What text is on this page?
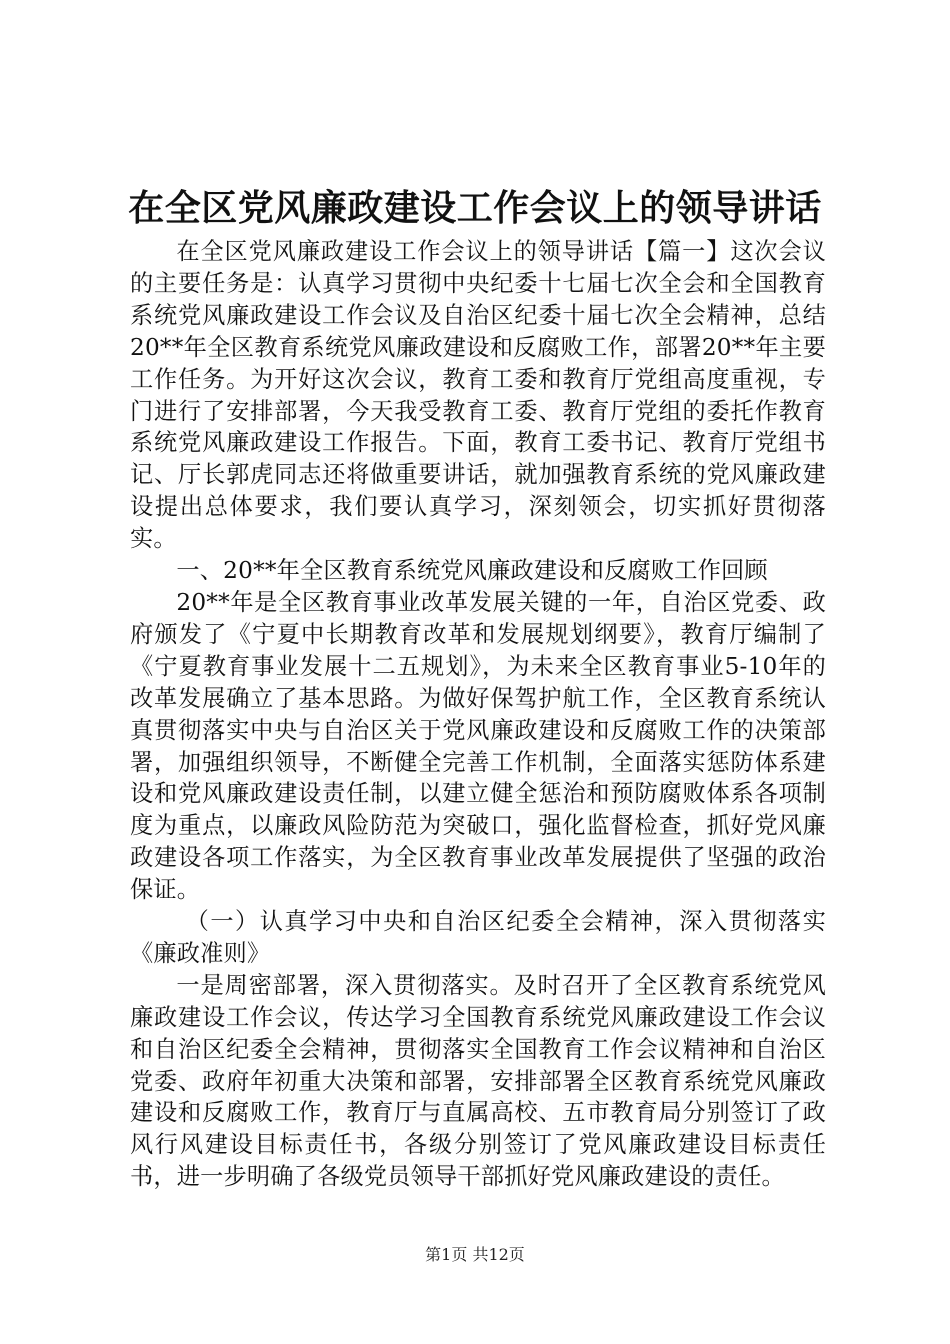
在全区党风廉政建设工作会议上的领导讲话

在全区党风廉政建设工作会议上的领导讲话【篇一】这次会议的主要任务是：认真学习贯彻中央纪委十七届七次全会和全国教育系统党风廉政建设工作会议及自治区纪委十届七次全会精神，总结20**年全区教育系统党风廉政建设和反腐败工作，部署20**年主要工作任务。为开好这次会议，教育工委和教育厅党组高度重视，专门进行了安排部署，今天我受教育工委、教育厅党组的委托作教育系统党风廉政建设工作报告。下面，教育工委书记、教育厅党组书记、厅长郭虎同志还将做重要讲话，就加强教育系统的党风廉政建设提出总体要求，我们要认真学习，深刻领会，切实抓好贯彻落实。

一、20**年全区教育系统党风廉政建设和反腐败工作回顾

20**年是全区教育事业改革发展关键的一年，自治区党委、政府颁发了《宁夏中长期教育改革和发展规划纲要》，教育厅编制了《宁夏教育事业发展十二五规划》，为未来全区教育事业5-10年的改革发展确立了基本思路。为做好保驾护航工作，全区教育系统认真贯彻落实中央与自治区关于党风廉政建设和反腐败工作的决策部署，加强组织领导，不断健全完善工作机制，全面落实惩防体系建设和党风廉政建设责任制，以建立健全惩治和预防腐败体系各项制度为重点，以廉政风险防范为突破口，强化监督检查，抓好党风廉政建设各项工作落实，为全区教育事业改革发展提供了坚强的政治保证。

（一）认真学习中央和自治区纪委全会精神，深入贯彻落实《廉政准则》

一是周密部署，深入贯彻落实。及时召开了全区教育系统党风廉政建设工作会议，传达学习全国教育系统党风廉政建设工作会议和自治区纪委全会精神，贯彻落实全国教育工作会议精神和自治区党委、政府年初重大决策和部署，安排部署全区教育系统党风廉政建设和反腐败工作，教育厅与直属高校、五市教育局分别签订了政风行风建设目标责任书，各级分别签订了党风廉政建设目标责任书，进一步明确了各级党员领导干部抓好党风廉政建设的责任。

第1页 共12页
